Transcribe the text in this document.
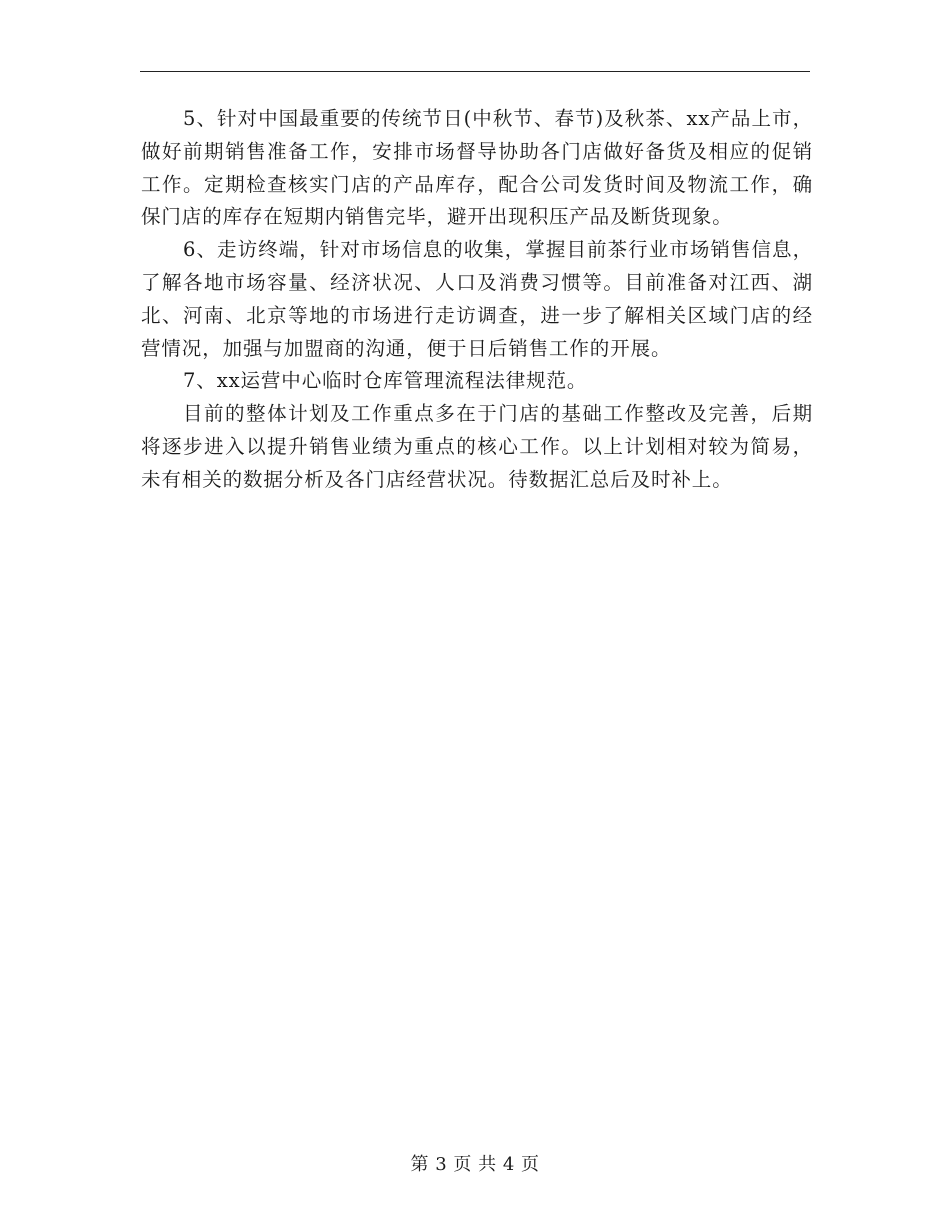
5、针对中国最重要的传统节日(中秋节、春节)及秋茶、xx产品上市，做好前期销售准备工作，安排市场督导协助各门店做好备货及相应的促销工作。定期检查核实门店的产品库存，配合公司发货时间及物流工作，确保门店的库存在短期内销售完毕，避开出现积压产品及断货现象。

6、走访终端，针对市场信息的收集，掌握目前茶行业市场销售信息，了解各地市场容量、经济状况、人口及消费习惯等。目前准备对江西、湖北、河南、北京等地的市场进行走访调查，进一步了解相关区域门店的经营情况，加强与加盟商的沟通，便于日后销售工作的开展。

7、xx运营中心临时仓库管理流程法律规范。

目前的整体计划及工作重点多在于门店的基础工作整改及完善，后期将逐步进入以提升销售业绩为重点的核心工作。以上计划相对较为简易，未有相关的数据分析及各门店经营状况。待数据汇总后及时补上。

第 3 页 共 4 页
